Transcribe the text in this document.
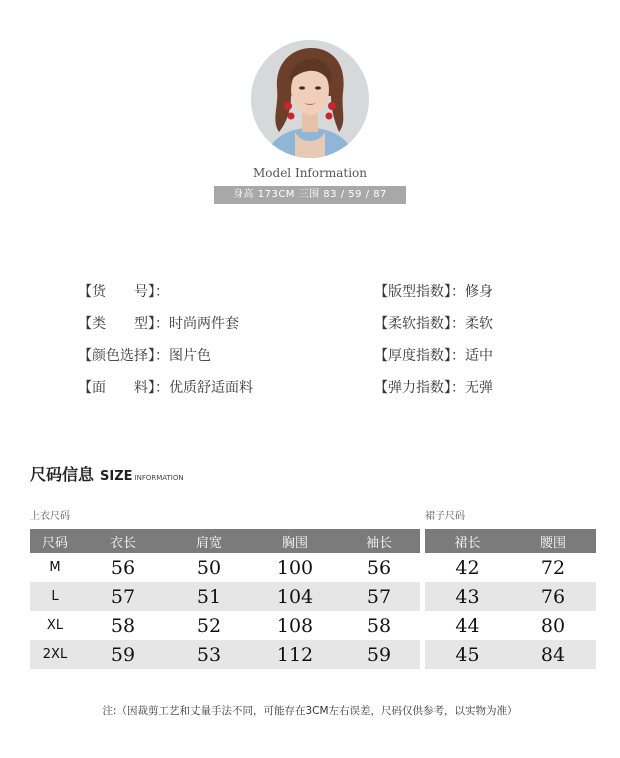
Model Information
身高 173CM 三围 83 / 59 / 87
【货　　号】：
【类　　型】：时尚两件套
【颜色选择】：图片色
【面　　料】：优质舒适面料
【版型指数】：修身
【柔软指数】：柔软
【厚度指数】：适中
【弹力指数】：无弹
尺码信息 SIZE INFORMATION
上衣尺码	裙子尺码
尺码	衣长	肩宽	胸围	袖长
M	56	50	100	56
L	57	51	104	57
XL	58	52	108	58
2XL	59	53	112	59
裙长	腰围
42	72
43	76
44	80
45	84
注:（因裁剪工艺和丈量手法不同，可能存在3CM左右误差，尺码仅供参考，以实物为准）
